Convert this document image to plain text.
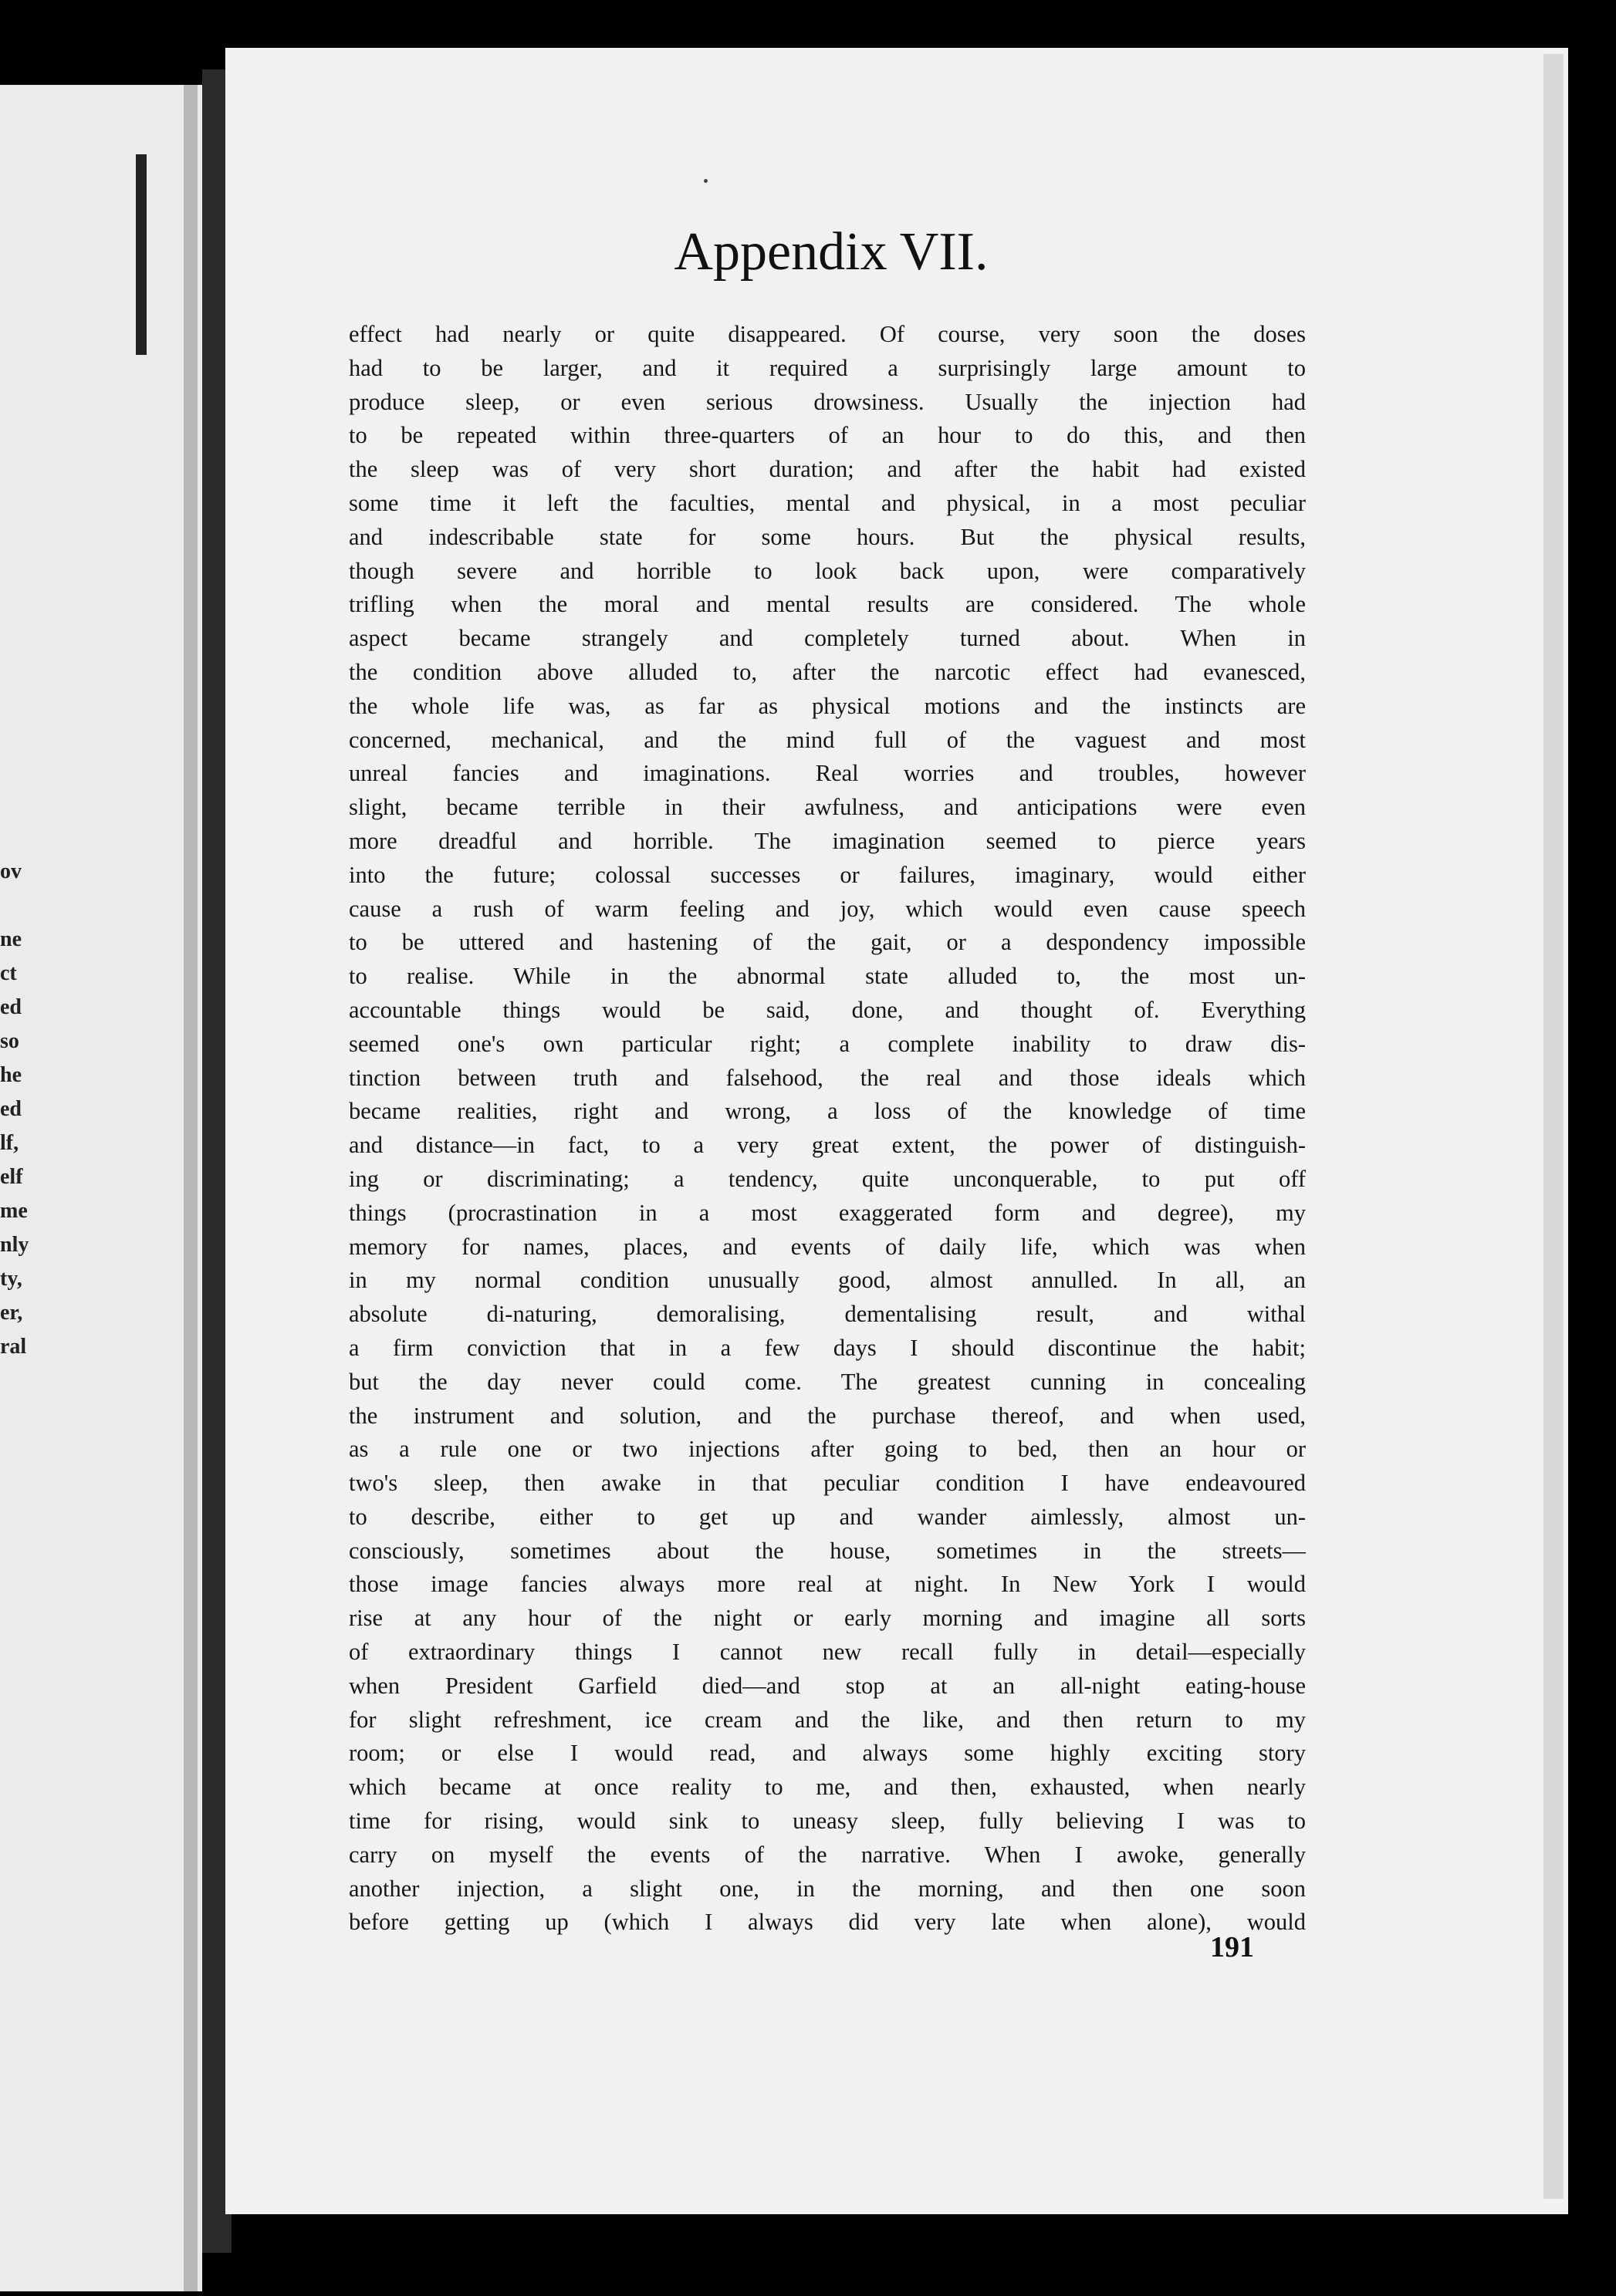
ov
ne
ct
ed
so
he
ed
lf,
elf
me
nly
ty,
er,
ral
Appendix VII.
effect had nearly or quite disappeared. Of course, very soon the doses
had to be larger, and it required a surprisingly large amount to
produce sleep, or even serious drowsiness. Usually the injection had
to be repeated within three-quarters of an hour to do this, and then
the sleep was of very short duration; and after the habit had existed
some time it left the faculties, mental and physical, in a most peculiar
and indescribable state for some hours. But the physical results,
though severe and horrible to look back upon, were comparatively
trifling when the moral and mental results are considered. The whole
aspect became strangely and completely turned about. When in
the condition above alluded to, after the narcotic effect had evanesced,
the whole life was, as far as physical motions and the instincts are
concerned, mechanical, and the mind full of the vaguest and most
unreal fancies and imaginations. Real worries and troubles, however
slight, became terrible in their awfulness, and anticipations were even
more dreadful and horrible. The imagination seemed to pierce years
into the future; colossal successes or failures, imaginary, would either
cause a rush of warm feeling and joy, which would even cause speech
to be uttered and hastening of the gait, or a despondency impossible
to realise. While in the abnormal state alluded to, the most un-
accountable things would be said, done, and thought of. Everything
seemed one's own particular right; a complete inability to draw dis-
tinction between truth and falsehood, the real and those ideals which
became realities, right and wrong, a loss of the knowledge of time
and distance—in fact, to a very great extent, the power of distinguish-
ing or discriminating; a tendency, quite unconquerable, to put off
things (procrastination in a most exaggerated form and degree), my
memory for names, places, and events of daily life, which was when
in my normal condition unusually good, almost annulled. In all, an
absolute di-naturing, demoralising, dementalising result, and withal
a firm conviction that in a few days I should discontinue the habit;
but the day never could come. The greatest cunning in concealing
the instrument and solution, and the purchase thereof, and when used,
as a rule one or two injections after going to bed, then an hour or
two's sleep, then awake in that peculiar condition I have endeavoured
to describe, either to get up and wander aimlessly, almost un-
consciously, sometimes about the house, sometimes in the streets—
those image fancies always more real at night. In New York I would
rise at any hour of the night or early morning and imagine all sorts
of extraordinary things I cannot new recall fully in detail—especially
when President Garfield died—and stop at an all-night eating-house
for slight refreshment, ice cream and the like, and then return to my
room; or else I would read, and always some highly exciting story
which became at once reality to me, and then, exhausted, when nearly
time for rising, would sink to uneasy sleep, fully believing I was to
carry on myself the events of the narrative. When I awoke, generally
another injection, a slight one, in the morning, and then one soon
before getting up (which I always did very late when alone), would
191
